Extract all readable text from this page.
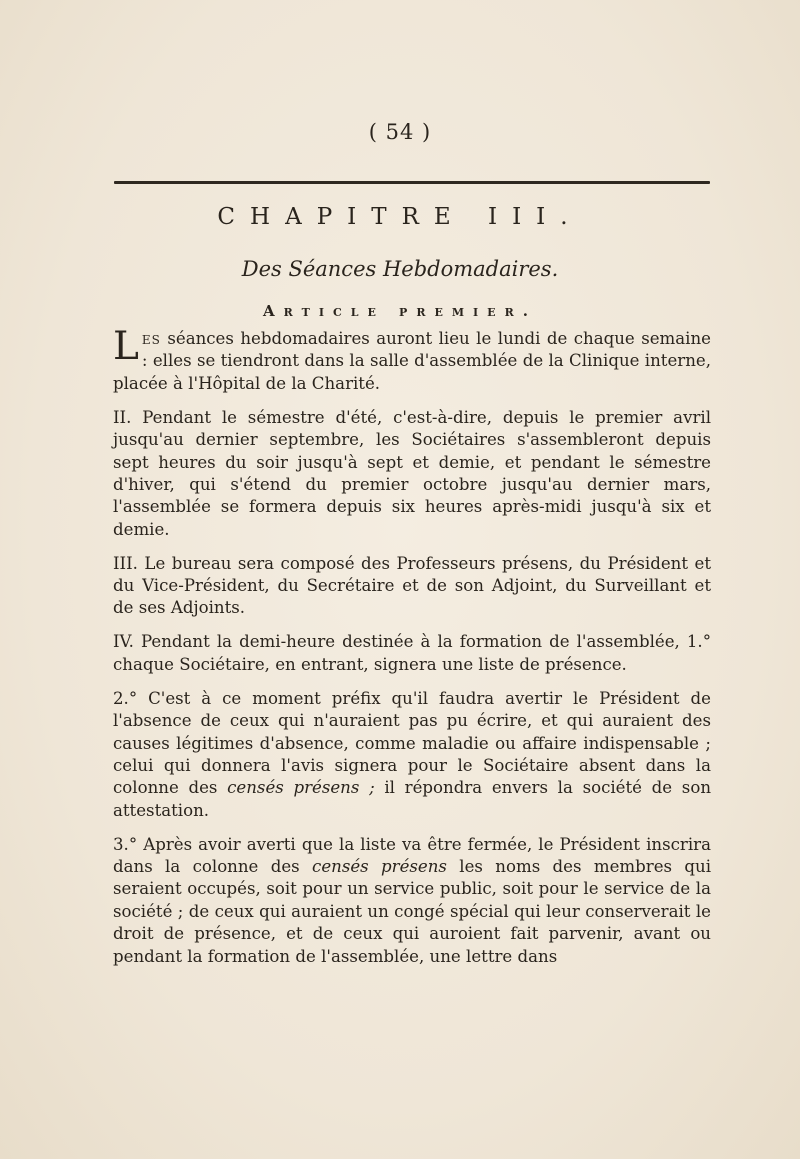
( 54 )
CHAPITRE III.
Des Séances Hebdomadaires.
Article premier.

Les séances hebdomadaires auront lieu le lundi de chaque semaine : elles se tiendront dans la salle d'assemblée de la Clinique interne, placée à l'Hôpital de la Charité.

II. Pendant le sémestre d'été, c'est-à-dire, depuis le premier avril jusqu'au dernier septembre, les Sociétaires s'assembleront depuis sept heures du soir jusqu'à sept et demie, et pendant le sémestre d'hiver, qui s'étend du premier octobre jusqu'au dernier mars, l'assemblée se formera depuis six heures après-midi jusqu'à six et demie.

III. Le bureau sera composé des Professeurs présens, du Président et du Vice-Président, du Secrétaire et de son Adjoint, du Surveillant et de ses Adjoints.

IV. Pendant la demi-heure destinée à la formation de l'assemblée, 1.° chaque Sociétaire, en entrant, signera une liste de présence.

2.° C'est à ce moment préfix qu'il faudra avertir le Président de l'absence de ceux qui n'auraient pas pu écrire, et qui auraient des causes légitimes d'absence, comme maladie ou affaire indispensable ; celui qui donnera l'avis signera pour le Sociétaire absent dans la colonne des censés présens ; il répondra envers la société de son attestation.

3.° Après avoir averti que la liste va être fermée, le Président inscrira dans la colonne des censés présens les noms des membres qui seraient occupés, soit pour un service public, soit pour le service de la société ; de ceux qui auraient un congé spécial qui leur conserverait le droit de présence, et de ceux qui auroient fait parvenir, avant ou pendant la formation de l'assemblée, une lettre dans
